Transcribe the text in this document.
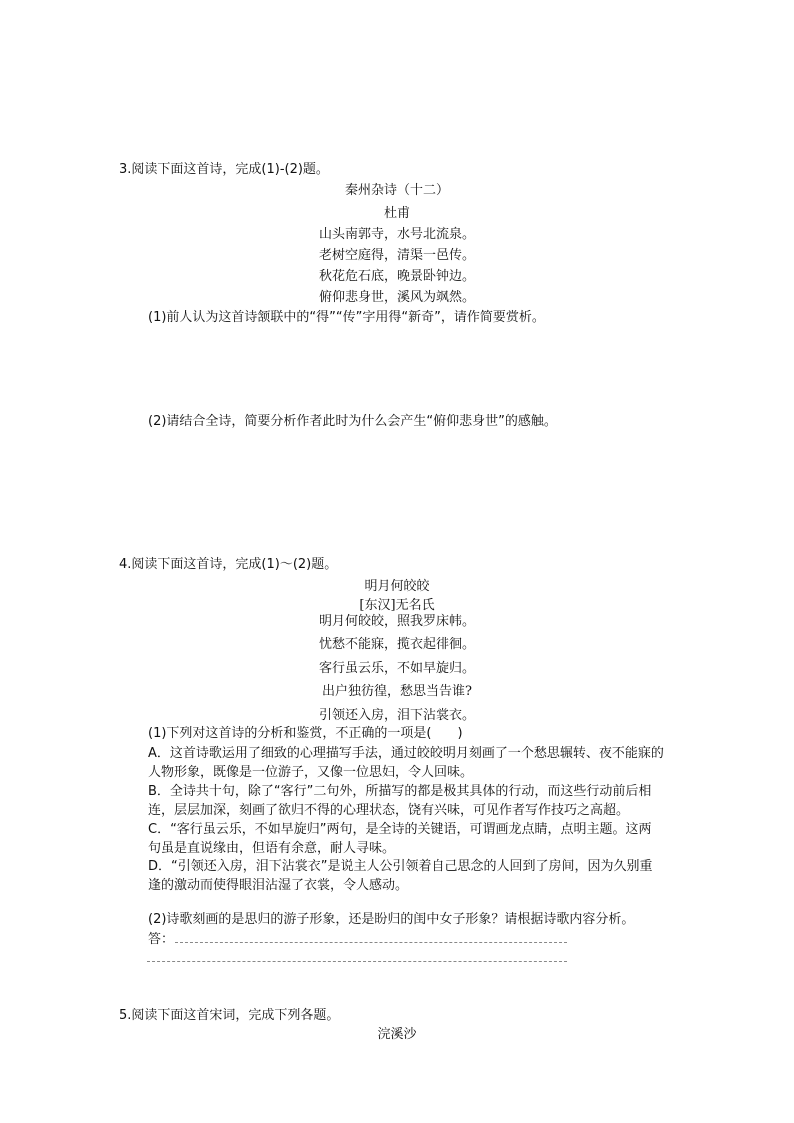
3.阅读下面这首诗，完成(1)-(2)题。
秦州杂诗（十二）
杜甫
山头南郭寺，水号北流泉。
老树空庭得，清渠一邑传。
秋花危石底，晚景卧钟边。
俯仰悲身世，溪风为飒然。
(1)前人认为这首诗颔联中的“得”“传”字用得“新奇”，请作简要赏析。
(2)请结合全诗，简要分析作者此时为什么会产生“俯仰悲身世”的感触。
4.阅读下面这首诗，完成(1)～(2)题。
明月何皎皎
[东汉]无名氏
明月何皎皎，照我罗床帏。
忧愁不能寐，揽衣起徘徊。
客行虽云乐，不如早旋归。
出户独彷徨，愁思当告谁?
引领还入房，泪下沾裳衣。
(1)下列对这首诗的分析和鉴赏，不正确的一项是(　　)
A．这首诗歌运用了细致的心理描写手法，通过皎皎明月刻画了一个愁思辗转、夜不能寐的
人物形象，既像是一位游子，又像一位思妇，令人回味。
B．全诗共十句，除了“客行”二句外，所描写的都是极其具体的行动，而这些行动前后相
连，层层加深，刻画了欲归不得的心理状态，饶有兴味，可见作者写作技巧之高超。
C．“客行虽云乐，不如早旋归”两句，是全诗的关键语，可谓画龙点睛，点明主题。这两
句虽是直说缘由，但语有余意，耐人寻味。
D．“引领还入房，泪下沾裳衣”是说主人公引领着自己思念的人回到了房间，因为久别重
逢的激动而使得眼泪沾湿了衣裳，令人感动。
(2)诗歌刻画的是思归的游子形象，还是盼归的闺中女子形象？请根据诗歌内容分析。
答：
5.阅读下面这首宋词，完成下列各题。
浣溪沙
